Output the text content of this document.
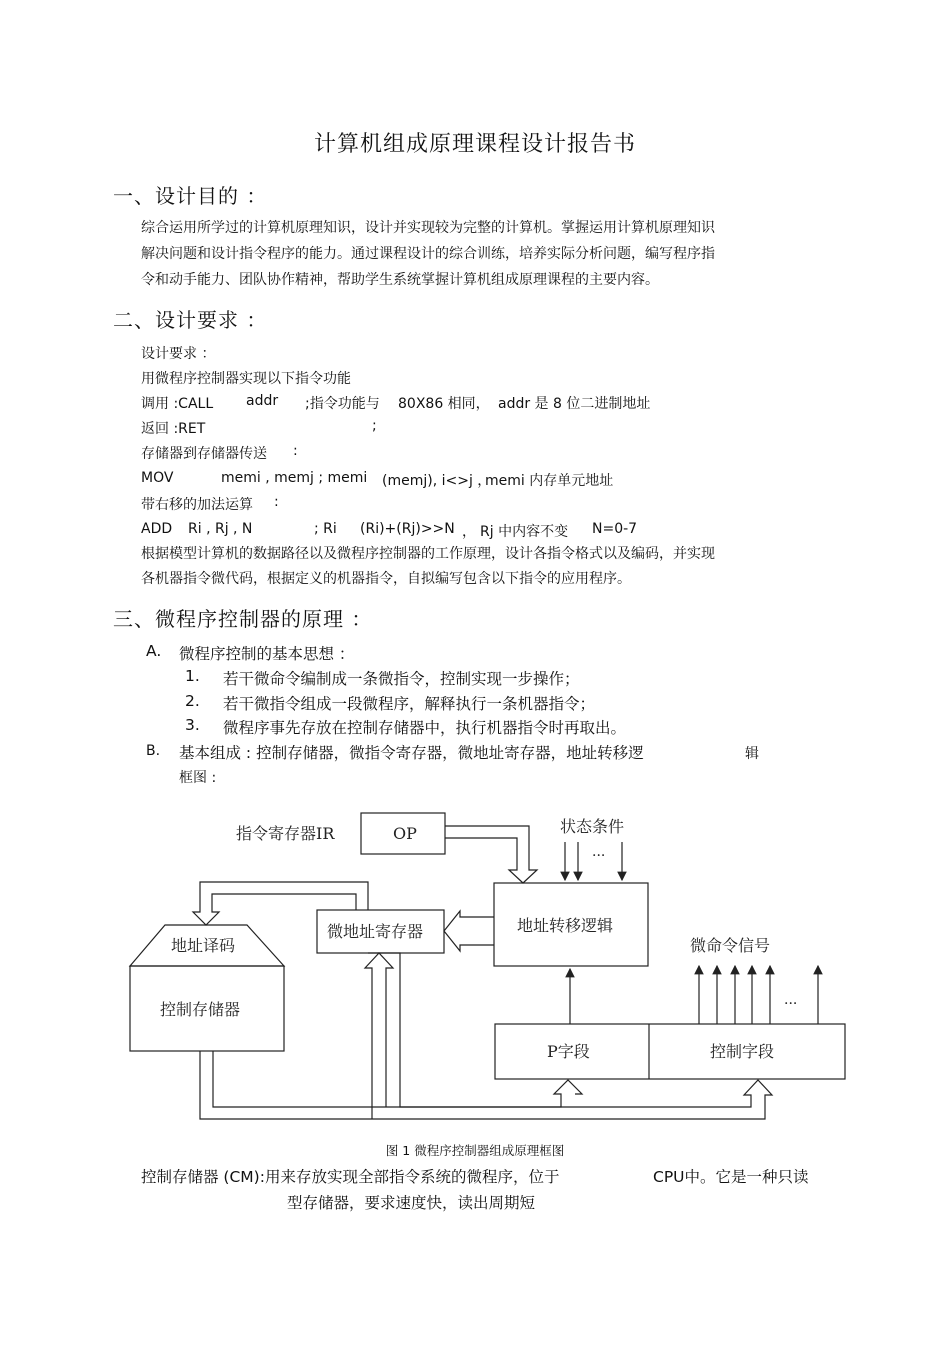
计算机组成原理课程设计报告书
一、设计目的 ：
综合运用所学过的计算机原理知识，设计并实现较为完整的计算机。掌握运用计算机原理知识
解决问题和设计指令程序的能力。通过课程设计的综合训练，培养实际分析问题，编写程序指
令和动手能力、团队协作精神，帮助学生系统掌握计算机组成原理课程的主要内容。
二、设计要求 ：
设计要求 ：
用微程序控制器实现以下指令功能
调用 :CALL addr ;指令功能与 80X86 相同， addr 是 8 位二进制地址
返回 :RET	;
存储器到存储器传送 :
MOV	memi , memj ; memi (memj), i<>j ，
memi 内存单元地址
带右移的加法运算 :
ADD Ri , Rj , N	; Ri (Ri)+(Rj)>>N ， Rj 中内容不变 N=0-7
根据模型计算机的数据路径以及微程序控制器的工作原理，设计各指令格式以及编码，并实现
各机器指令微代码，根据定义的机器指令，自拟编写包含以下指令的应用程序。
三、微程序控制器的原理 ：
A. 微程序控制的基本思想 ：
1. 若干微命令编制成一条微指令，控制实现一步操作；
2. 若干微指令组成一段微程序，解释执行一条机器指令；
3. 微程序事先存放在控制存储器中，执行机器指令时再取出。
B. 基本组成 : 控制存储器，微指令寄存器，微地址寄存器，地址转移逻	辑
框图 :
指令寄存器IR	OP	状态条件
···
地址转移逻辑
微地址寄存器
地址译码
控制存储器
微命令信号
···
P字段	控制字段
图 1 微程序控制器组成原理框图
控制存储器 (CM):用来存放实现全部指令系统的微程序，位于	CPU中。它是一种只读
型存储器，要求速度快，读出周期短
